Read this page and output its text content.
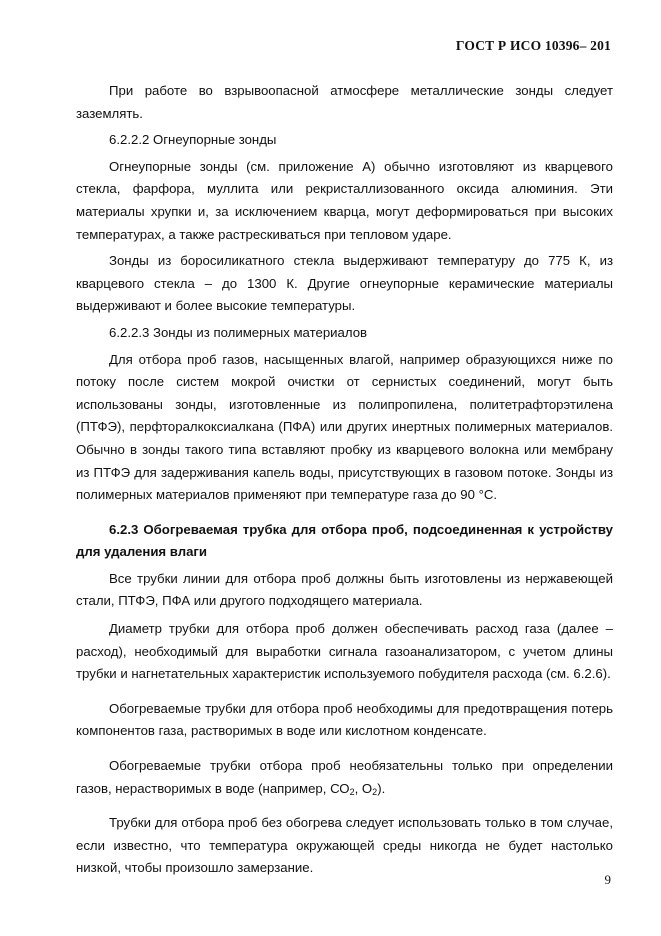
ГОСТ Р ИСО 10396– 201

При работе во взрывоопасной атмосфере металлические зонды следует заземлять.

6.2.2.2 Огнеупорные зонды

Огнеупорные зонды (см. приложение А) обычно изготовляют из кварцевого стекла, фарфора, муллита или рекристаллизованного оксида алюминия. Эти материалы хрупки и, за исключением кварца, могут деформироваться при высоких температурах, а также растрескиваться при тепловом ударе.

Зонды из боросиликатного стекла выдерживают температуру до 775 К, из кварцевого стекла – до 1300 К. Другие огнеупорные керамические материалы выдерживают и более высокие температуры.

6.2.2.3 Зонды из полимерных материалов

Для отбора проб газов, насыщенных влагой, например образующихся ниже по потоку после систем мокрой очистки от сернистых соединений, могут быть использованы зонды, изготовленные из полипропилена, политетрафторэтилена (ПТФЭ), перфторалкоксиалкана (ПФА) или других инертных полимерных материалов. Обычно в зонды такого типа вставляют пробку из кварцевого волокна или мембрану из ПТФЭ для задерживания капель воды, присутствующих в газовом потоке. Зонды из полимерных материалов применяют при температуре газа до 90 °С.

6.2.3 Обогреваемая трубка для отбора проб, подсоединенная к устройству для удаления влаги

Все трубки линии для отбора проб должны быть изготовлены из нержавеющей стали, ПТФЭ, ПФА или другого подходящего материала.

Диаметр трубки для отбора проб должен обеспечивать расход газа (далее – расход), необходимый для выработки сигнала газоанализатором, с учетом длины трубки и нагнетательных характеристик используемого побудителя расхода (см. 6.2.6).

Обогреваемые трубки для отбора проб необходимы для предотвращения потерь компонентов газа, растворимых в воде или кислотном конденсате.

Обогреваемые трубки отбора проб необязательны только при определении газов, нерастворимых в воде (например, $СО_2$, $О_2$).

Трубки для отбора проб без обогрева следует использовать только в том случае, если известно, что температура окружающей среды никогда не будет настолько низкой, чтобы произошло замерзание.

9
